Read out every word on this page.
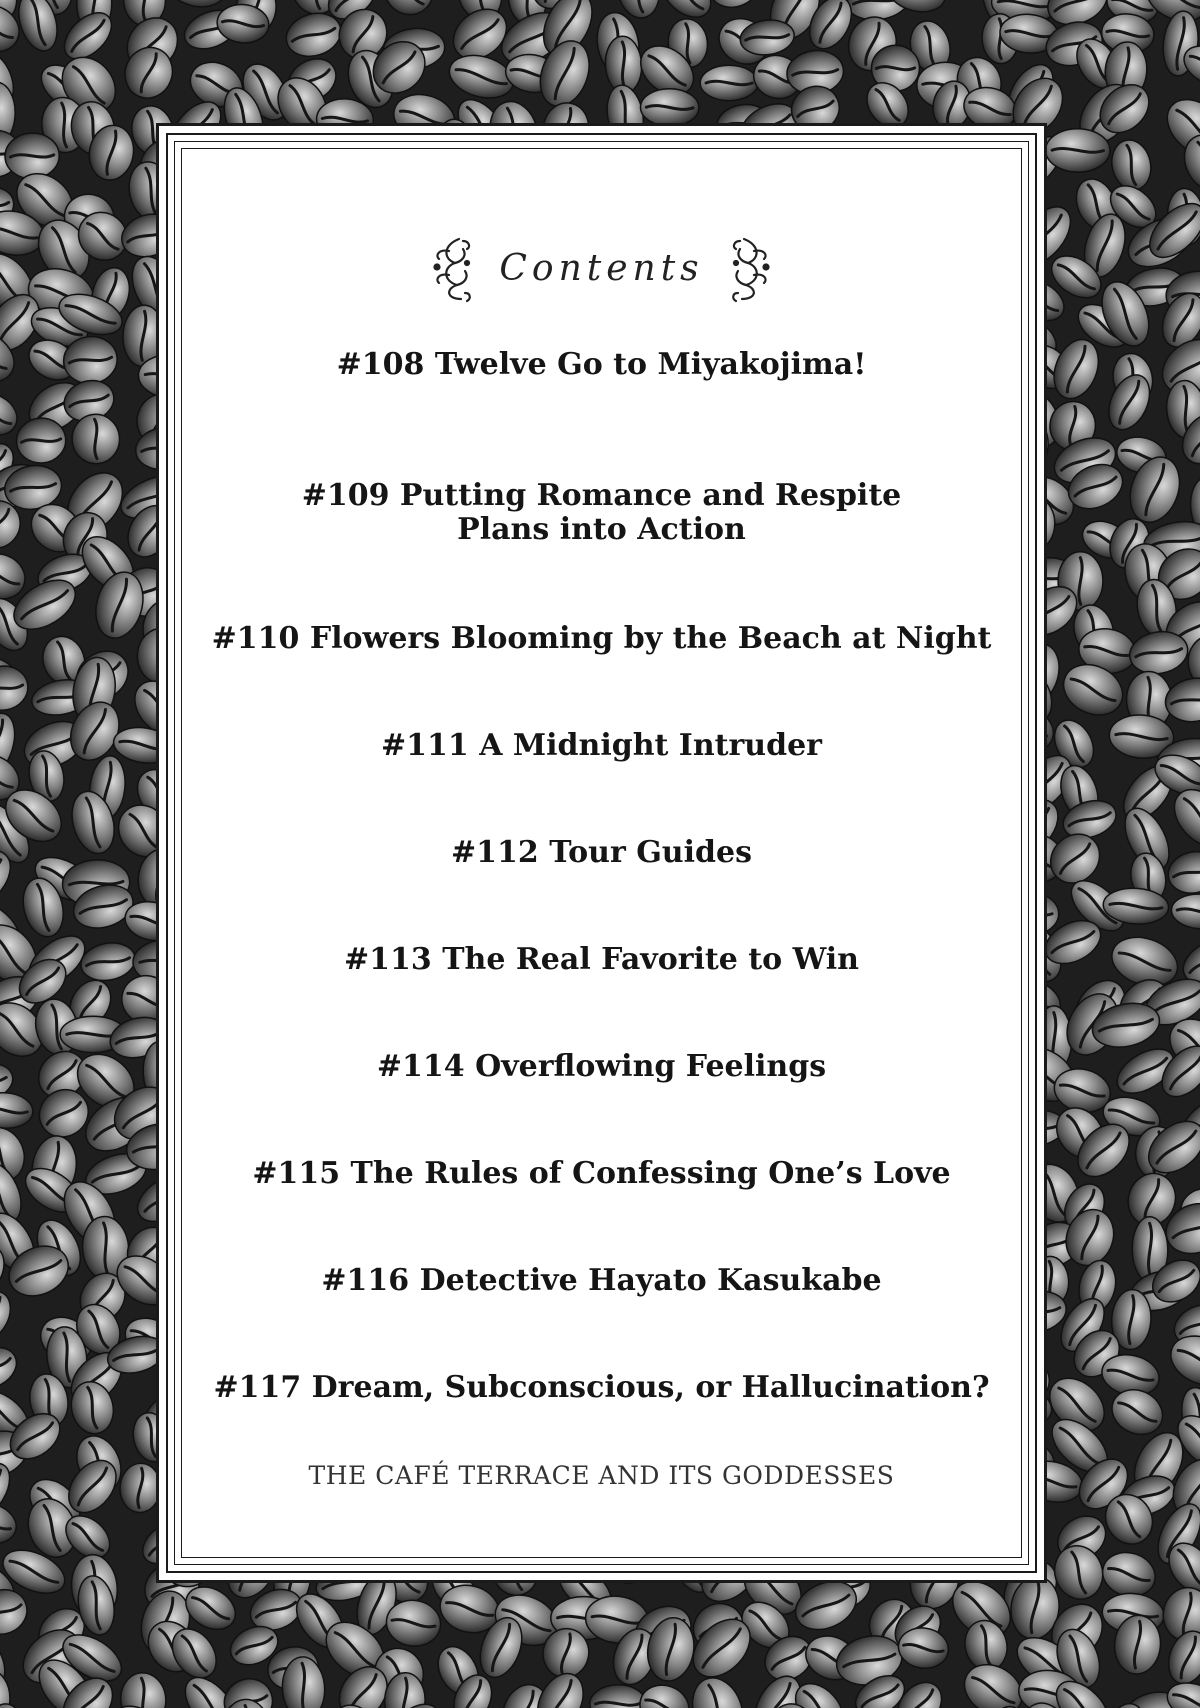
Contents
#108 Twelve Go to Miyakojima!
#109 Putting Romance and Respite
Plans into Action
#110 Flowers Blooming by the Beach at Night
#111 A Midnight Intruder
#112 Tour Guides
#113 The Real Favorite to Win
#114 Overflowing Feelings
#115 The Rules of Confessing One’s Love
#116 Detective Hayato Kasukabe
#117 Dream, Subconscious, or Hallucination?
THE CAFÉ TERRACE AND ITS GODDESSES
